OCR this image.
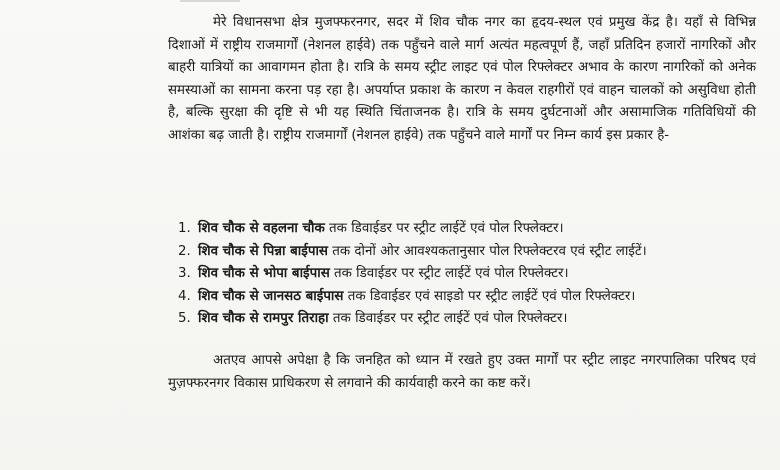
मेरे विधानसभा क्षेत्र मुजफ्फरनगर, सदर में शिव चौक नगर का हृदय-स्थल एवं प्रमुख केंद्र है। यहाँ से विभिन्न दिशाओं में राष्ट्रीय राजमार्गों (नेशनल हाईवे) तक पहुँचने वाले मार्ग अत्यंत महत्वपूर्ण हैं, जहाँ प्रतिदिन हजारों नागरिकों और बाहरी यात्रियों का आवागमन होता है। रात्रि के समय स्ट्रीट लाइट एवं पोल रिफ्लेक्टर अभाव के कारण नागरिकों को अनेक समस्याओं का सामना करना पड़ रहा है। अपर्याप्त प्रकाश के कारण न केवल राहगीरों एवं वाहन चालकों को असुविधा होती है, बल्कि सुरक्षा की दृष्टि से भी यह स्थिति चिंताजनक है। रात्रि के समय दुर्घटनाओं और असामाजिक गतिविधियों की आशंका बढ़ जाती है। राष्ट्रीय राजमार्गों (नेशनल हाईवे) तक पहुँचने वाले मार्गों पर निम्न कार्य इस प्रकार है-

1. शिव चौक से वहलना चौक तक डिवाईडर पर स्ट्रीट लाईटें एवं पोल रिफ्लेक्टर।
2. शिव चौक से पिन्ना बाईपास तक दोनों ओर आवश्यकतानुसार पोल रिफ्लेक्टरव एवं स्ट्रीट लाईटें।
3. शिव चौक से भोपा बाईपास तक डिवाईडर पर स्ट्रीट लाईटें एवं पोल रिफ्लेक्टर।
4. शिव चौक से जानसठ बाईपास तक डिवाईडर एवं साइडो पर स्ट्रीट लाईटें एवं पोल रिफ्लेक्टर।
5. शिव चौक से रामपुर तिराहा तक डिवाईडर पर स्ट्रीट लाईटें एवं पोल रिफ्लेक्टर।

अतएव आपसे अपेक्षा है कि जनहित को ध्यान में रखते हुए उक्त मार्गों पर स्ट्रीट लाइट नगरपालिका परिषद एवं मुज़फ्फरनगर विकास प्राधिकरण से लगवाने की कार्यवाही करने का कष्ट करें।
